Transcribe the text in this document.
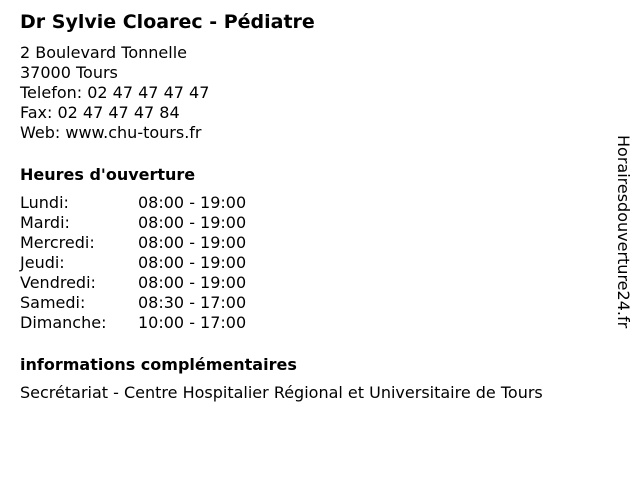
Dr Sylvie Cloarec - Pédiatre
2 Boulevard Tonnelle
37000 Tours
Telefon: 02 47 47 47 47
Fax: 02 47 47 47 84
Web: www.chu-tours.fr
Heures d'ouverture
Lundi:	08:00 - 19:00
Mardi:	08:00 - 19:00
Mercredi:	08:00 - 19:00
Jeudi:	08:00 - 19:00
Vendredi:	08:00 - 19:00
Samedi:	08:30 - 17:00
Dimanche:	10:00 - 17:00
informations complémentaires
Secrétariat - Centre Hospitalier Régional et Universitaire de Tours
Horairesdouverture24.fr
